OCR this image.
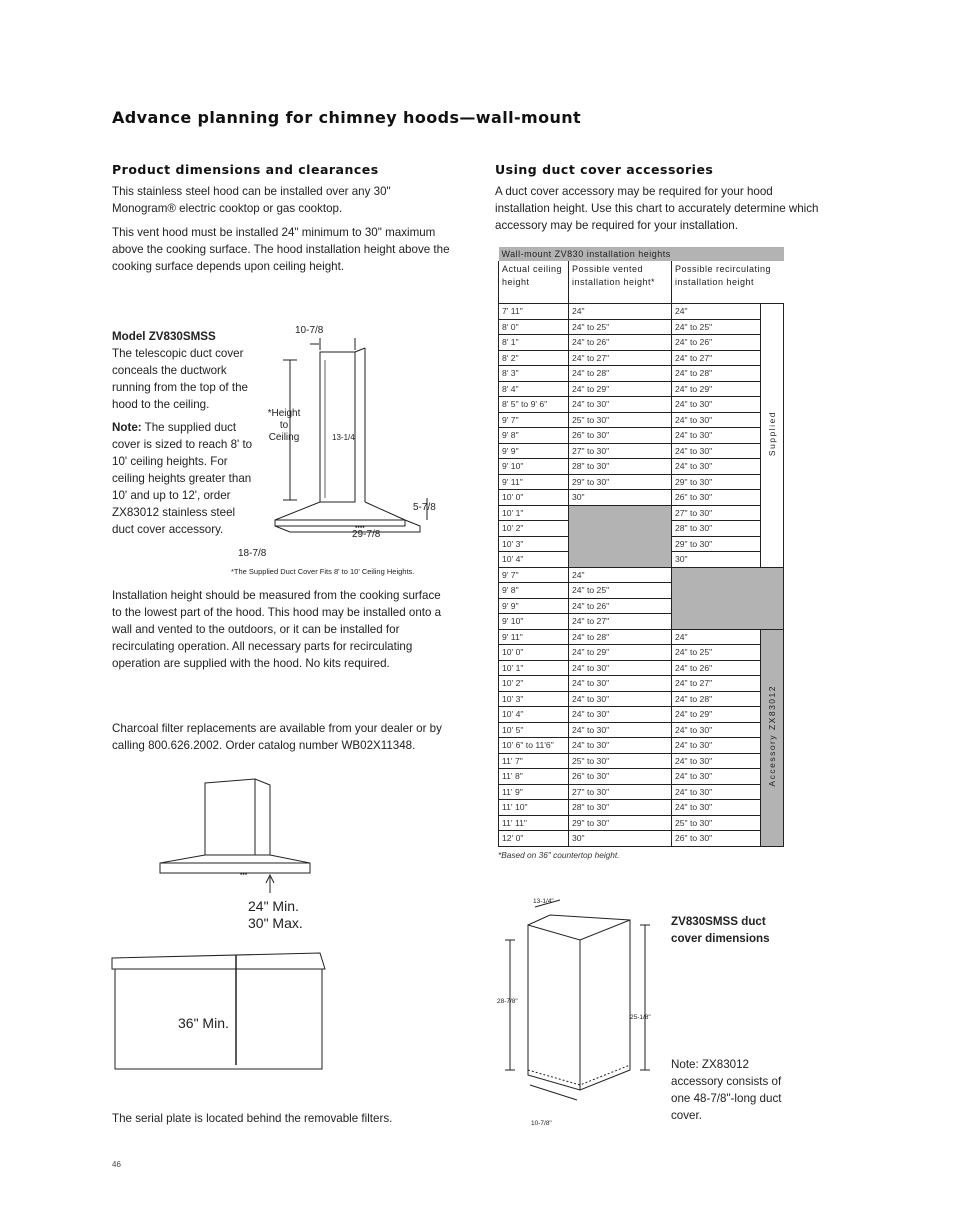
Advance planning for chimney hoods—wall-mount
Product dimensions and clearances

This stainless steel hood can be installed over any 30" Monogram® electric cooktop or gas cooktop.

This vent hood must be installed 24" minimum to 30" maximum above the cooking surface. The hood installation height above the cooking surface depends upon ceiling height.

Model ZV830SMSS
The telescopic duct cover conceals the ductwork running from the top of the hood to the ceiling.
Note: The supplied duct cover is sized to reach 8' to 10' ceiling heights. For ceiling heights greater than 10' and up to 12', order ZX83012 stainless steel duct cover accessory.	●●●●
10-7/8
*Height to Ceiling	13-1/4
5-7/8
29-7/8
18-7/8
*The Supplied Duct Cover Fits 8' to 10' Ceiling Heights.

Installation height should be measured from the cooking surface to the lowest part of the hood. This hood may be installed onto a wall and vented to the outdoors, or it can be installed for recirculating operation. All necessary parts for recirculating operation are supplied with the hood. No kits required.

Charcoal filter replacements are available from your dealer or by calling 800.626.2002. Order catalog number WB02X11348.

●●●
24" Min.
30" Max.
36" Min.

The serial plate is located behind the removable filters.

Using duct cover accessories

A duct cover accessory may be required for your hood installation height. Use this chart to accurately determine which accessory may be required for your installation.

Wall-mount ZV830 installation heights			
Actual ceiling height	Possible vented installation height*	Possible recirculating installation height	
7' 11"	24"	24"	Supplied
8' 0"	24" to 25"	24" to 25"	
8' 1"	24" to 26"	24" to 26"	
8' 2"	24" to 27"	24" to 27"	
8' 3"	24" to 28"	24" to 28"	
8' 4"	24" to 29"	24" to 29"	
8' 5" to 9' 6"	24" to 30"	24" to 30"	
9' 7"	25" to 30"	24" to 30"	
9' 8"	26" to 30"	24" to 30"	
9' 9"	27" to 30"	24" to 30"	
9' 10"	28" to 30"	24" to 30"	
9' 11"	29" to 30"	29" to 30"	
10' 0"	30"	26" to 30"	
10' 1"		27" to 30"	
10' 2"		28" to 30"	
10' 3"		29" to 30"	
10' 4"		30"	
9' 7"	24"		
9' 8"	24" to 25"		
9' 9"	24" to 26"		
9' 10"	24" to 27"		
9' 11"	24" to 28"	24"	Accessory ZX83012
10' 0"	24" to 29"	24" to 25"	
10' 1"	24" to 30"	24" to 26"	
10' 2"	24" to 30"	24" to 27"	
10' 3"	24" to 30"	24" to 28"	
10' 4"	24" to 30"	24" to 29"	
10' 5"	24" to 30"	24" to 30"	
10' 6" to 11'6"	24" to 30"	24" to 30"	
11' 7"	25" to 30"	24" to 30"	
11' 8"	26" to 30"	24" to 30"	
11' 9"	27" to 30"	24" to 30"	
11' 10"	28" to 30"	24" to 30"	
11' 11"	29" to 30"	25" to 30"	
12' 0"	30"	26" to 30"	
*Based on 36" countertop height.
13-1/4"
28-7/8"
25-1/8"
10-7/8"
ZV830SMSS duct cover dimensions
Note: ZX83012 accessory consists of one 48-7/8"-long duct cover.
46
